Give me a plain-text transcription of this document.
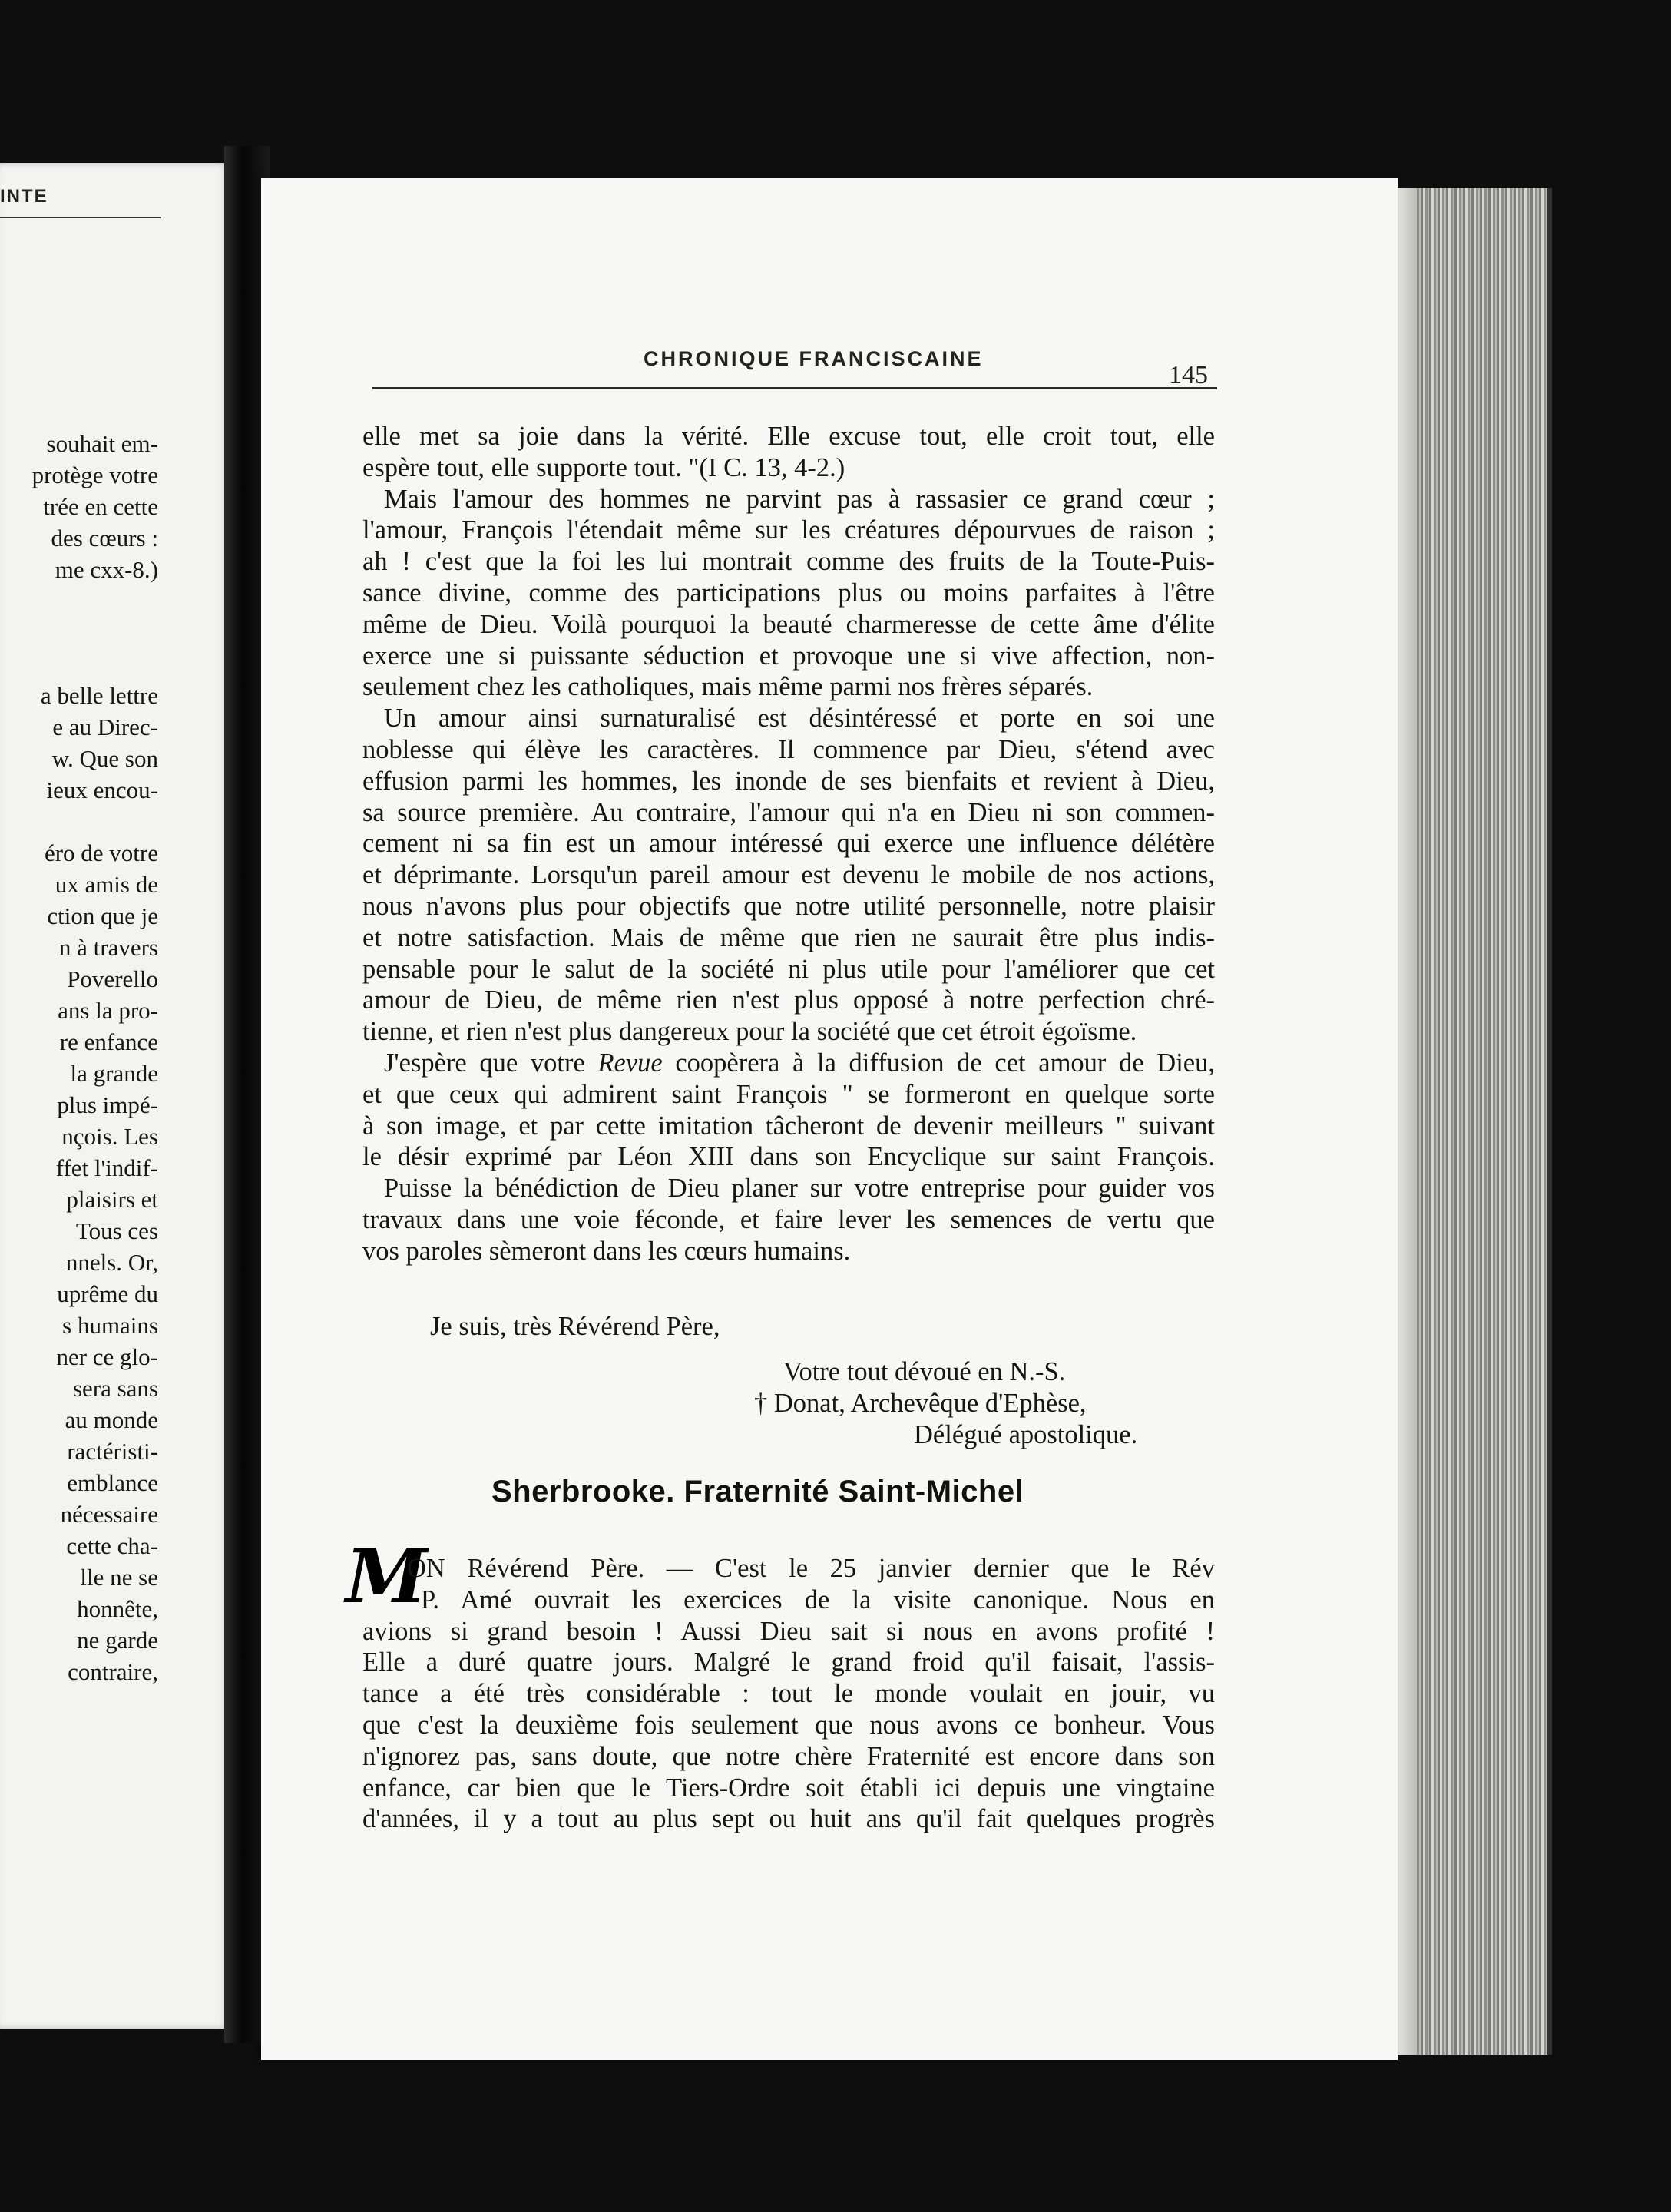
INTE
souhait em-
protège votre
trée en cette
des cœurs :
me cxx-8.)
a belle lettre
e au Direc-
w. Que son
ieux encou-
éro de votre
ux amis de
ction que je
n à travers
Poverello
ans la pro-
re enfance
la grande
plus impé-
nçois. Les
ffet l'indif-
plaisirs et
Tous ces
nnels. Or,
uprême du
s humains
ner ce glo-
sera sans
au monde
ractéristi-
emblance
nécessaire
cette cha-
lle ne se
honnête,
ne garde
contraire,
CHRONIQUE FRANCISCAINE
145
elle met sa joie dans la vérité. Elle excuse tout, elle croit tout, elle
espère tout, elle supporte tout. "(I C. 13, 4-2.)
Mais l'amour des hommes ne parvint pas à rassasier ce grand cœur ;
l'amour, François l'étendait même sur les créatures dépourvues de raison ;
ah ! c'est que la foi les lui montrait comme des fruits de la Toute-Puis-
sance divine, comme des participations plus ou moins parfaites à l'être
même de Dieu. Voilà pourquoi la beauté charmeresse de cette âme d'élite
exerce une si puissante séduction et provoque une si vive affection, non-
seulement chez les catholiques, mais même parmi nos frères séparés.
Un amour ainsi surnaturalisé est désintéressé et porte en soi une
noblesse qui élève les caractères. Il commence par Dieu, s'étend avec
effusion parmi les hommes, les inonde de ses bienfaits et revient à Dieu,
sa source première. Au contraire, l'amour qui n'a en Dieu ni son commen-
cement ni sa fin est un amour intéressé qui exerce une influence délétère
et déprimante. Lorsqu'un pareil amour est devenu le mobile de nos actions,
nous n'avons plus pour objectifs que notre utilité personnelle, notre plaisir
et notre satisfaction. Mais de même que rien ne saurait être plus indis-
pensable pour le salut de la société ni plus utile pour l'améliorer que cet
amour de Dieu, de même rien n'est plus opposé à notre perfection chré-
tienne, et rien n'est plus dangereux pour la société que cet étroit égoïsme.
J'espère que votre Revue coopèrera à la diffusion de cet amour de Dieu,
et que ceux qui admirent saint François " se formeront en quelque sorte
à son image, et par cette imitation tâcheront de devenir meilleurs " suivant
le désir exprimé par Léon XIII dans son Encyclique sur saint François.
Puisse la bénédiction de Dieu planer sur votre entreprise pour guider vos
travaux dans une voie féconde, et faire lever les semences de vertu que
vos paroles sèmeront dans les cœurs humains.
Je suis, très Révérend Père,
Votre tout dévoué en N.-S.
† Donat, Archevêque d'Ephèse,
Délégué apostolique.
Sherbrooke. Fraternité Saint-Michel
M
ON Révérend Père. — C'est le 25 janvier dernier que le Rév
P. Amé ouvrait les exercices de la visite canonique. Nous en
avions si grand besoin ! Aussi Dieu sait si nous en avons profité !
Elle a duré quatre jours. Malgré le grand froid qu'il faisait, l'assis-
tance a été très considérable : tout le monde voulait en jouir, vu
que c'est la deuxième fois seulement que nous avons ce bonheur. Vous
n'ignorez pas, sans doute, que notre chère Fraternité est encore dans son
enfance, car bien que le Tiers-Ordre soit établi ici depuis une vingtaine
d'années, il y a tout au plus sept ou huit ans qu'il fait quelques progrès
